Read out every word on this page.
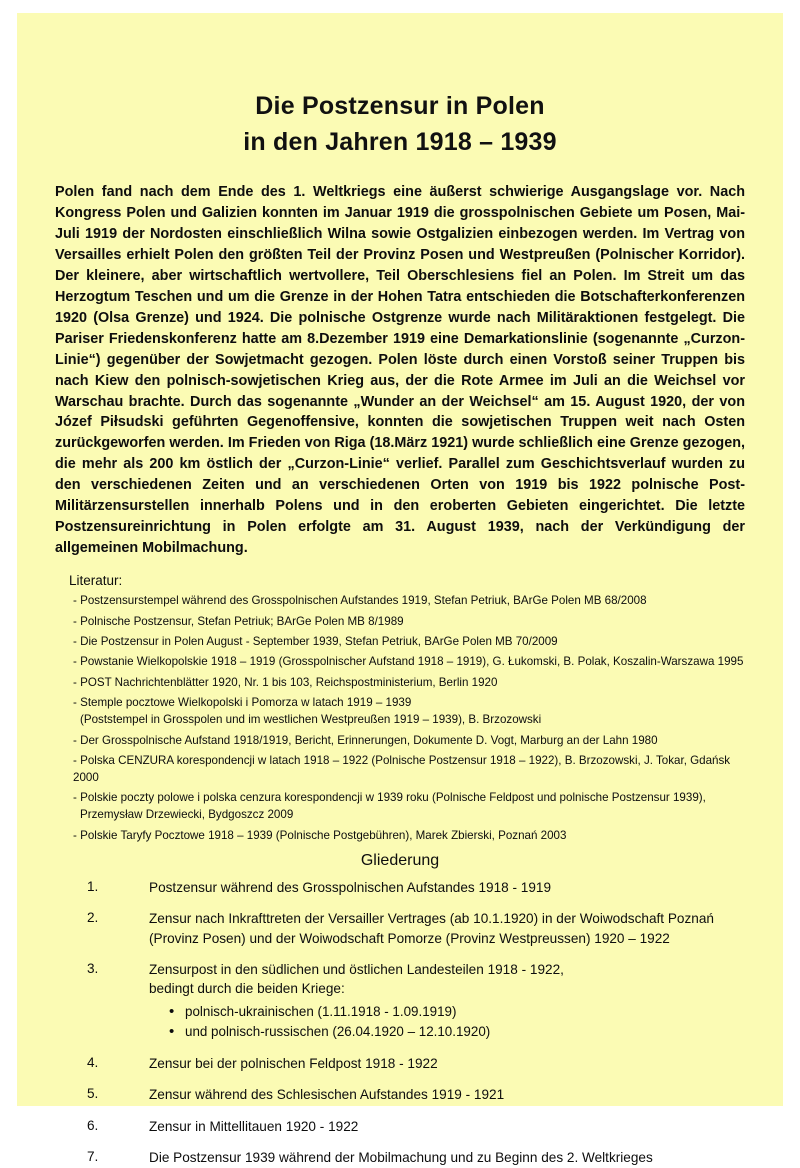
Die Postzensur in Polen
in den Jahren 1918 – 1939
Polen fand nach dem Ende des 1. Weltkriegs eine äußerst schwierige Ausgangslage vor. Nach Kongress Polen und Galizien konnten im Januar 1919 die grosspolnischen Gebiete um Posen, Mai-Juli 1919 der Nordosten einschließlich Wilna sowie Ostgalizien einbezogen werden. Im Vertrag von Versailles erhielt Polen den größten Teil der Provinz Posen und Westpreußen (Polnischer Korridor). Der kleinere, aber wirtschaftlich wertvollere, Teil Oberschlesiens fiel an Polen. Im Streit um das Herzogtum Teschen und um die Grenze in der Hohen Tatra entschieden die Botschafterkonferenzen 1920 (Olsa Grenze) und 1924. Die polnische Ostgrenze wurde nach Militäraktionen festgelegt. Die Pariser Friedenskonferenz hatte am 8.Dezember 1919 eine Demarkationslinie (sogenannte „Curzon-Linie“) gegenüber der Sowjetmacht gezogen. Polen löste durch einen Vorstoß seiner Truppen bis nach Kiew den polnisch-sowjetischen Krieg aus, der die Rote Armee im Juli an die Weichsel vor Warschau brachte. Durch das sogenannte „Wunder an der Weichsel“ am 15. August 1920, der von Józef Piłsudski geführten Gegenoffensive, konnten die sowjetischen Truppen weit nach Osten zurückgeworfen werden. Im Frieden von Riga (18.März 1921) wurde schließlich eine Grenze gezogen, die mehr als 200 km östlich der „Curzon-Linie“ verlief. Parallel zum Geschichtsverlauf wurden zu den verschiedenen Zeiten und an verschiedenen Orten von 1919 bis 1922 polnische Post-Militärzensurstellen innerhalb Polens und in den eroberten Gebieten eingerichtet. Die letzte Postzensureinrichtung in Polen erfolgte am 31. August 1939, nach der Verkündigung der allgemeinen Mobilmachung.
Literatur:
- Postzensurstempel während des Grosspolnischen Aufstandes 1919, Stefan Petriuk, BArGe Polen MB 68/2008
- Polnische Postzensur, Stefan Petriuk; BArGe Polen MB 8/1989
- Die Postzensur in Polen August - September 1939, Stefan Petriuk, BArGe Polen MB 70/2009
- Powstanie Wielkopolskie 1918 – 1919 (Grosspolnischer Aufstand 1918 – 1919), G. Łukomski, B. Polak, Koszalin-Warszawa 1995
- POST Nachrichtenblätter 1920, Nr. 1 bis 103, Reichspostministerium, Berlin 1920
- Stemple pocztowe Wielkopolski i Pomorza w latach 1919 – 1939
(Poststempel in Grosspolen und im westlichen Westpreußen 1919 – 1939), B. Brzozowski
- Der Grosspolnische Aufstand 1918/1919, Bericht, Erinnerungen, Dokumente D. Vogt, Marburg an der Lahn 1980
- Polska CENZURA korespondencji w latach 1918 – 1922 (Polnische Postzensur 1918 – 1922), B. Brzozowski, J. Tokar, Gdańsk 2000
- Polskie poczty polowe i polska cenzura korespondencji w 1939 roku (Polnische Feldpost und polnische Postzensur 1939),
Przemysław Drzewiecki, Bydgoszcz 2009
- Polskie Taryfy Pocztowe 1918 – 1939 (Polnische Postgebühren), Marek Zbierski, Poznań 2003
Gliederung
1.	Postzensur während des Grosspolnischen Aufstandes 1918 - 1919
2.	Zensur nach Inkrafttreten der Versailler Vertrages (ab 10.1.1920) in der Woiwodschaft Poznań
(Provinz Posen) und der Woiwodschaft Pomorze (Provinz Westpreussen) 1920 – 1922
3.	Zensurpost in den südlichen und östlichen Landesteilen 1918 - 1922,
bedingt durch die beiden Kriege:
• polnisch-ukrainischen (1.11.1918 - 1.09.1919)
• und polnisch-russischen (26.04.1920 – 12.10.1920)
4.	Zensur bei der polnischen Feldpost 1918 - 1922
5.	Zensur während des Schlesischen Aufstandes 1919 - 1921
6.	Zensur in Mittellitauen 1920 - 1922
7.	Die Postzensur 1939 während der Mobilmachung und zu Beginn des 2. Weltkrieges
